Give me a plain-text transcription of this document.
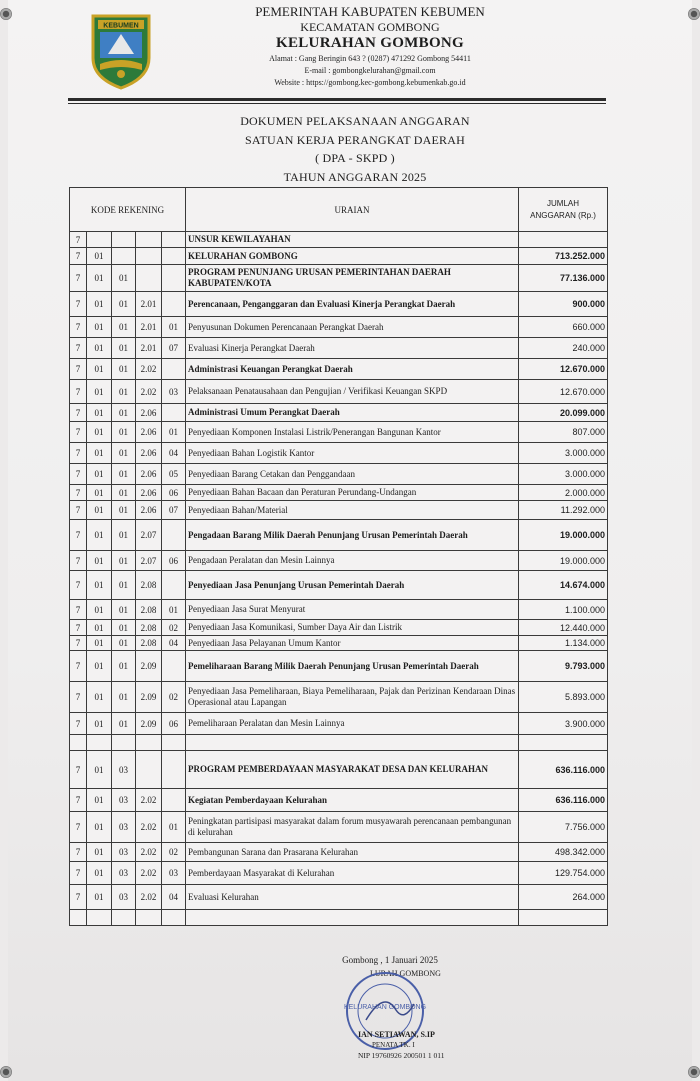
KEBUMEN
PEMERINTAH KABUPATEN KEBUMEN
KECAMATAN GOMBONG
KELURAHAN GOMBONG
Alamat : Gang Beringin 643 ? (0287) 471292 Gombong 54411
E-mail : gombongkelurahan@gmail.com
Website : https://gombong.kec-gombong.kebumenkab.go.id
DOKUMEN PELAKSANAAN ANGGARAN
SATUAN KERJA PERANGKAT DAERAH
( DPA - SKPD )
TAHUN ANGGARAN 2025
KODE REKENING					URAIAN	JUMLAH
ANGGARAN (Rp.)

7					UNSUR KEWILAYAHAN	
7	01				KELURAHAN GOMBONG	713.252.000
7	01	01			PROGRAM PENUNJANG URUSAN PEMERINTAHAN DAERAH KABUPATEN/KOTA	77.136.000
7	01	01	2.01		Perencanaan, Penganggaran dan Evaluasi Kinerja Perangkat Daerah	900.000
7	01	01	2.01	01	Penyusunan Dokumen Perencanaan Perangkat Daerah	660.000
7	01	01	2.01	07	Evaluasi Kinerja Perangkat Daerah	240.000
7	01	01	2.02		Administrasi Keuangan Perangkat Daerah	12.670.000
7	01	01	2.02	03	Pelaksanaan Penatausahaan dan Pengujian / Verifikasi Keuangan SKPD	12.670.000
7	01	01	2.06		Administrasi Umum Perangkat Daerah	20.099.000
7	01	01	2.06	01	Penyediaan Komponen Instalasi Listrik/Penerangan Bangunan Kantor	807.000
7	01	01	2.06	04	Penyediaan Bahan Logistik Kantor	3.000.000
7	01	01	2.06	05	Penyediaan Barang Cetakan dan Penggandaan	3.000.000
7	01	01	2.06	06	Penyediaan Bahan Bacaan dan Peraturan Perundang-Undangan	2.000.000
7	01	01	2.06	07	Penyediaan Bahan/Material	11.292.000
7	01	01	2.07		Pengadaan Barang Milik Daerah Penunjang Urusan Pemerintah Daerah	19.000.000
7	01	01	2.07	06	Pengadaan Peralatan dan Mesin Lainnya	19.000.000
7	01	01	2.08		Penyediaan Jasa Penunjang Urusan Pemerintah Daerah	14.674.000
7	01	01	2.08	01	Penyediaan Jasa Surat Menyurat	1.100.000
7	01	01	2.08	02	Penyediaan Jasa Komunikasi, Sumber Daya Air dan Listrik	12.440.000
7	01	01	2.08	04	Penyediaan Jasa Pelayanan Umum Kantor	1.134.000
7	01	01	2.09		Pemeliharaan Barang Milik Daerah Penunjang Urusan Pemerintah Daerah	9.793.000
7	01	01	2.09	02	Penyediaan Jasa Pemeliharaan, Biaya Pemeliharaan, Pajak dan Perizinan Kendaraan Dinas Operasional atau Lapangan	5.893.000
7	01	01	2.09	06	Pemeliharaan Peralatan dan Mesin Lainnya	3.900.000

7	01	03			PROGRAM PEMBERDAYAAN MASYARAKAT DESA DAN KELURAHAN	636.116.000
7	01	03	2.02		Kegiatan Pemberdayaan Kelurahan	636.116.000
7	01	03	2.02	01	Peningkatan partisipasi masyarakat dalam forum musyawarah perencanaan pembangunan di kelurahan	7.756.000
7	01	03	2.02	02	Pembangunan Sarana dan Prasarana Kelurahan	498.342.000
7	01	03	2.02	03	Pemberdayaan Masyarakat di Kelurahan	129.754.000
7	01	03	2.02	04	Evaluasi Kelurahan	264.000

Gombong , 1 Januari 2025
LURAH GOMBONG
KELURAHAN GOMBONG
IAN SETIAWAN, S.IP
PENATA TK. I
NIP 19760926 200501 1 011
